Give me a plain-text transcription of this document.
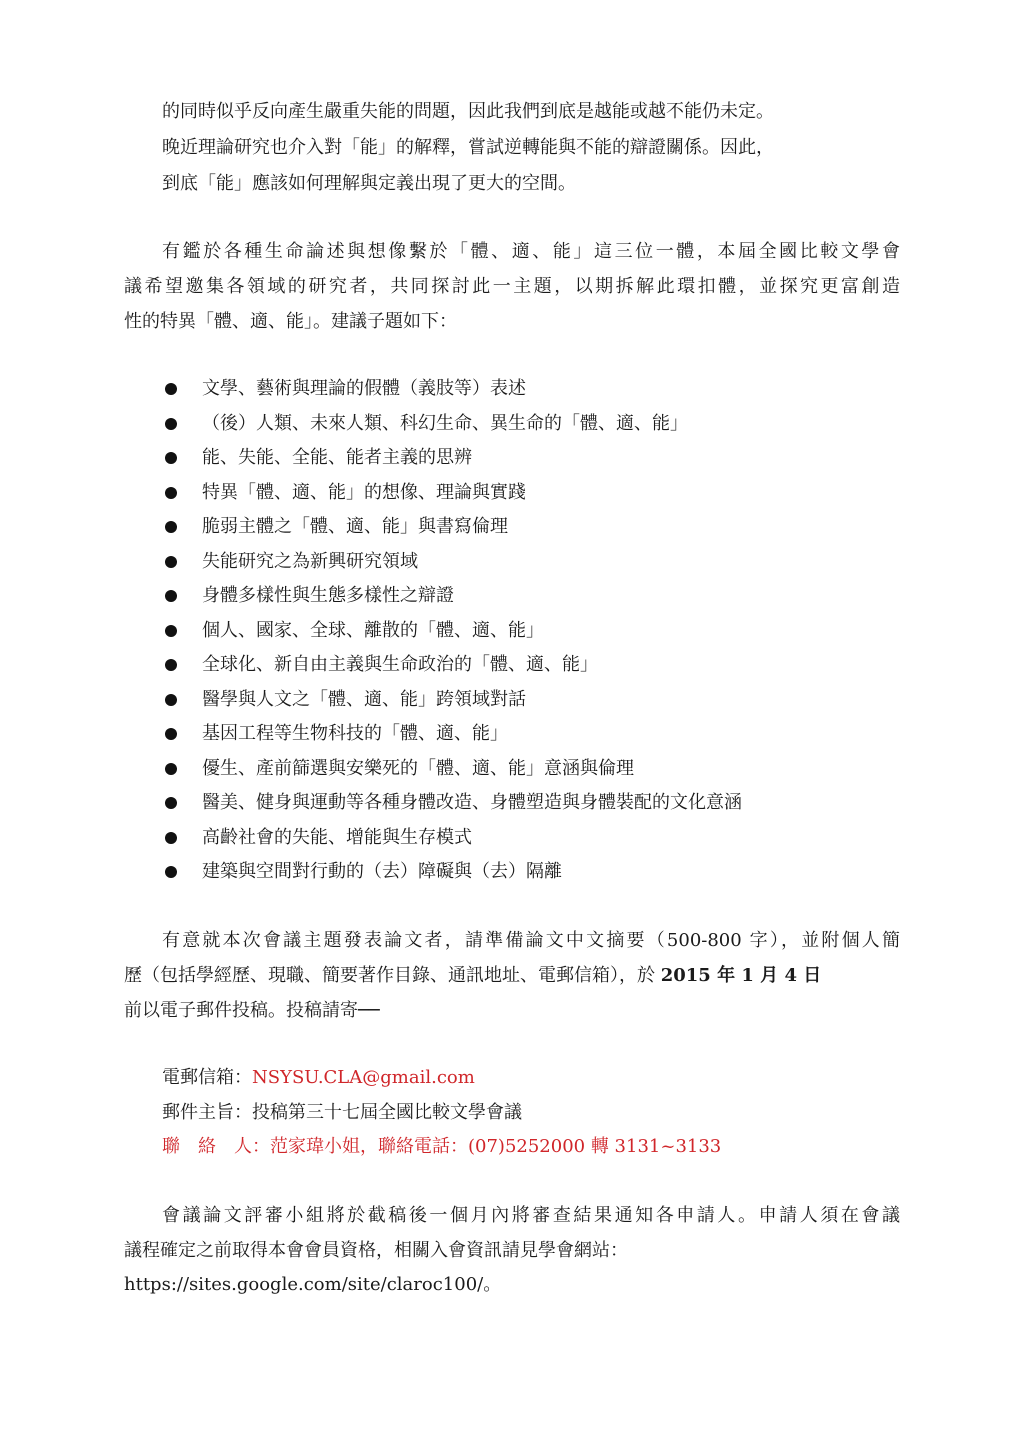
的同時似乎反向產生嚴重失能的問題，因此我們到底是越能或越不能仍未定。
晚近理論研究也介入對「能」的解釋，嘗試逆轉能與不能的辯證關係。因此，
到底「能」應該如何理解與定義出現了更大的空間。
有鑑於各種生命論述與想像繫於「體、適、能」這三位一體，本屆全國比較文學會
議希望邀集各領域的研究者，共同探討此一主題，以期拆解此環扣體，並探究更富創造
性的特異「體、適、能」。建議子題如下：
文學、藝術與理論的假體（義肢等）表述
（後）人類、未來人類、科幻生命、異生命的「體、適、能」
能、失能、全能、能者主義的思辨
特異「體、適、能」的想像、理論與實踐
脆弱主體之「體、適、能」與書寫倫理
失能研究之為新興研究領域
身體多樣性與生態多樣性之辯證
個人、國家、全球、離散的「體、適、能」
全球化、新自由主義與生命政治的「體、適、能」
醫學與人文之「體、適、能」跨領域對話
基因工程等生物科技的「體、適、能」
優生、產前篩選與安樂死的「體、適、能」意涵與倫理
醫美、健身與運動等各種身體改造、身體塑造與身體裝配的文化意涵
高齡社會的失能、增能與生存模式
建築與空間對行動的（去）障礙與（去）隔離
有意就本次會議主題發表論文者，請準備論文中文摘要（500-800 字），並附個人簡
歷（包括學經歷、現職、簡要著作目錄、通訊地址、電郵信箱），於 2015 年 1 月 4 日
前以電子郵件投稿。投稿請寄──
電郵信箱：NSYSU.CLA@gmail.com
郵件主旨：投稿第三十七屆全國比較文學會議
聯　絡　人：范家瑋小姐，聯絡電話：(07)5252000 轉 3131~3133
會議論文評審小組將於截稿後一個月內將審查結果通知各申請人。申請人須在會議
議程確定之前取得本會會員資格，相關入會資訊請見學會網站：
https://sites.google.com/site/claroc100/。
